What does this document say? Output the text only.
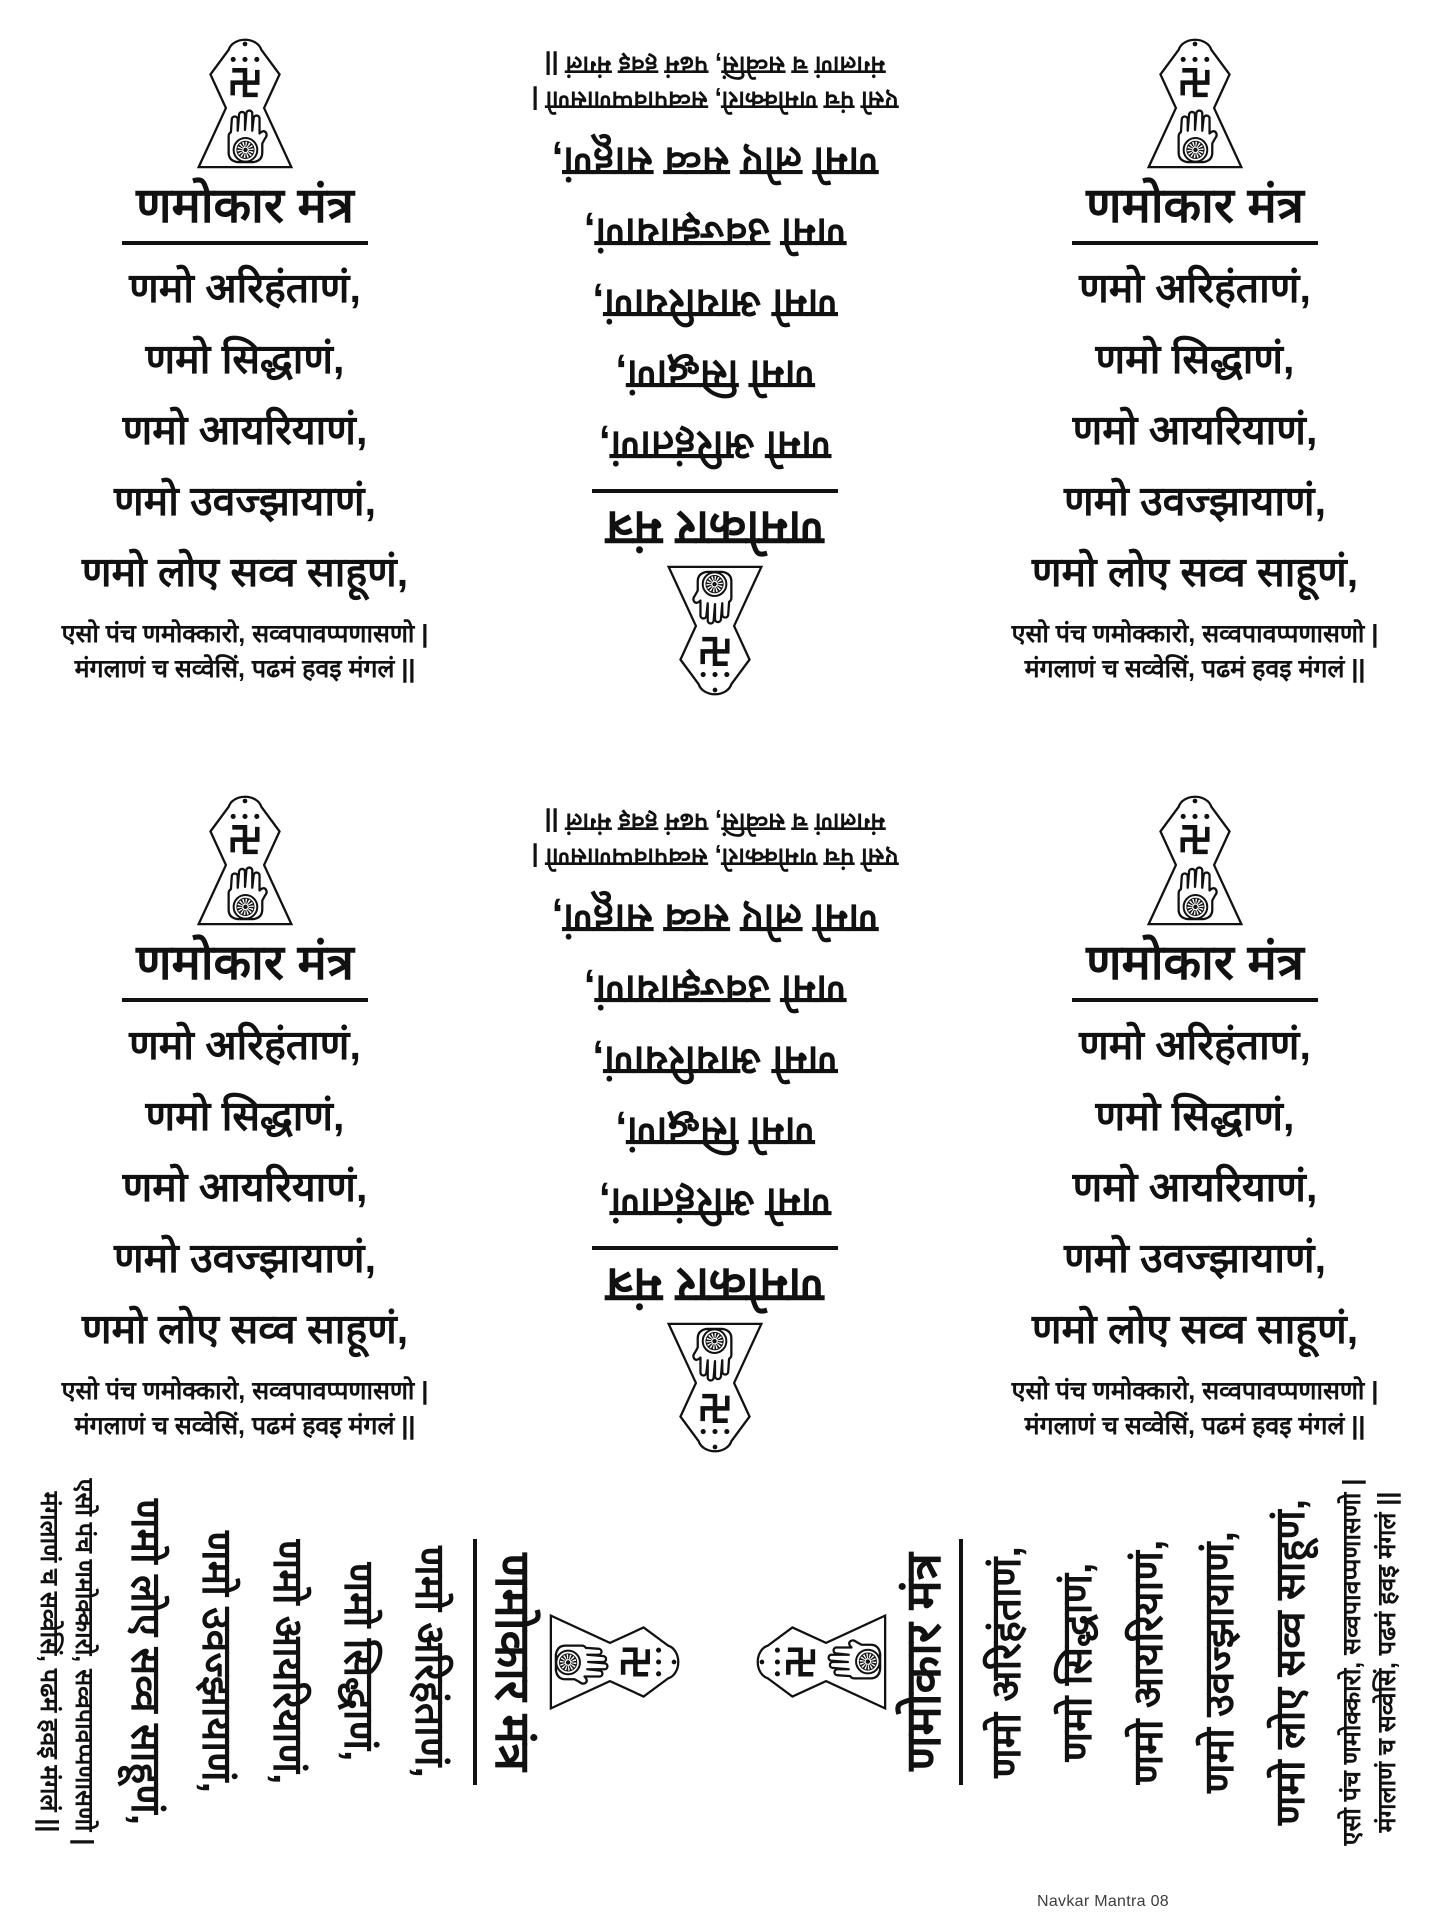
णमोकार मंत्र
णमो अरिहंताणं,
णमो सिद्धाणं,
णमो आयरियाणं,
णमो उवज्झायाणं,
णमो लोए सव्व साहूणं,
एसो पंच णमोक्कारो, सव्वपावप्पणासणो |
मंगलाणं च सव्वेसिं, पढमं हवइ मंगलं ||
णमोकार मंत्र
णमो अरिहंताणं,
णमो सिद्धाणं,
णमो आयरियाणं,
णमो उवज्झायाणं,
णमो लोए सव्व साहूणं,
एसो पंच णमोक्कारो, सव्वपावप्पणासणो |
मंगलाणं च सव्वेसिं, पढमं हवइ मंगलं ||
णमोकार मंत्र
णमो अरिहंताणं,
णमो सिद्धाणं,
णमो आयरियाणं,
णमो उवज्झायाणं,
णमो लोए सव्व साहूणं,
एसो पंच णमोक्कारो, सव्वपावप्पणासणो |
मंगलाणं च सव्वेसिं, पढमं हवइ मंगलं ||
णमोकार मंत्र
णमो अरिहंताणं,
णमो सिद्धाणं,
णमो आयरियाणं,
णमो उवज्झायाणं,
णमो लोए सव्व साहूणं,
एसो पंच णमोक्कारो, सव्वपावप्पणासणो |
मंगलाणं च सव्वेसिं, पढमं हवइ मंगलं ||
णमोकार मंत्र
णमो अरिहंताणं,
णमो सिद्धाणं,
णमो आयरियाणं,
णमो उवज्झायाणं,
णमो लोए सव्व साहूणं,
एसो पंच णमोक्कारो, सव्वपावप्पणासणो |
मंगलाणं च सव्वेसिं, पढमं हवइ मंगलं ||
णमोकार मंत्र
णमो अरिहंताणं,
णमो सिद्धाणं,
णमो आयरियाणं,
णमो उवज्झायाणं,
णमो लोए सव्व साहूणं,
एसो पंच णमोक्कारो, सव्वपावप्पणासणो |
मंगलाणं च सव्वेसिं, पढमं हवइ मंगलं ||
णमोकार मंत्र
णमो अरिहंताणं,
णमो सिद्धाणं,
णमो आयरियाणं,
णमो उवज्झायाणं,
णमो लोए सव्व साहूणं,
एसो पंच णमोक्कारो, सव्वपावप्पणासणो |
मंगलाणं च सव्वेसिं, पढमं हवइ मंगलं ||	णमोकार मंत्र णमो अरिहंताणं, णमो सिद्धाणं, णमो आयरियाणं, णमो उवज्झायाणं, णमो लोए सव्व साहूणं,	एसो पंच णमोक्कारो, सव्वपावप्पणासणो | मंगलाणं च सव्वेसिं, पढमं हवइ मंगलं ||
Navkar Mantra 08
